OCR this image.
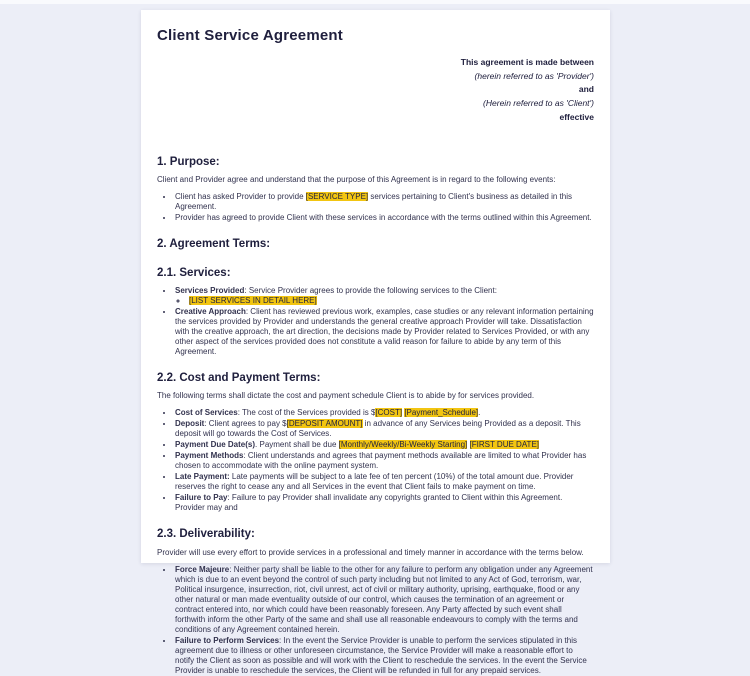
Client Service Agreement
This agreement is made between
(herein referred to as 'Provider')
and
(Herein referred to as 'Client')
effective
1. Purpose:

Client and Provider agree and understand that the purpose of this Agreement is in regard to the following events:

• Client has asked Provider to provide [SERVICE TYPE] services pertaining to Client's business as detailed in this Agreement.
• Provider has agreed to provide Client with these services in accordance with the terms outlined within this Agreement.
2. Agreement Terms:
2.1. Services:
• Services Provided: Service Provider agrees to provide the following services to the Client:
◦ [LIST SERVICES IN DETAIL HERE]
• Creative Approach: Client has reviewed previous work, examples, case studies or any relevant information pertaining the services provided by Provider and understands the general creative approach Provider will take. Dissatisfaction with the creative approach, the art direction, the decisions made by Provider related to Services Provided, or with any other aspect of the services provided does not constitute a valid reason for failure to abide by any term of this Agreement.
2.2. Cost and Payment Terms:

The following terms shall dictate the cost and payment schedule Client is to abide by for services provided.

• Cost of Services: The cost of the Services provided is $[COST] [Payment_Schedule].
• Deposit: Client agrees to pay $[DEPOSIT AMOUNT] in advance of any Services being Provided as a deposit. This deposit will go towards the Cost of Services.
• Payment Due Date(s). Payment shall be due [Monthly/Weekly/Bi-Weekly Starting] [FIRST DUE DATE]
• Payment Methods: Client understands and agrees that payment methods available are limited to what Provider has chosen to accommodate with the online payment system.
• Late Payment: Late payments will be subject to a late fee of ten percent (10%) of the total amount due. Provider reserves the right to cease any and all Services in the event that Client fails to make payment on time.
• Failure to Pay: Failure to pay Provider shall invalidate any copyrights granted to Client within this Agreement. Provider may and
2.3. Deliverability:

Provider will use every effort to provide services in a professional and timely manner in accordance with the terms below.

• Force Majeure: Neither party shall be liable to the other for any failure to perform any obligation under any Agreement which is due to an event beyond the control of such party including but not limited to any Act of God, terrorism, war, Political insurgence, insurrection, riot, civil unrest, act of civil or military authority, uprising, earthquake, flood or any other natural or man made eventuality outside of our control, which causes the termination of an agreement or contract entered into, nor which could have been reasonably foreseen. Any Party affected by such event shall forthwith inform the other Party of the same and shall use all reasonable endeavours to comply with the terms and conditions of any Agreement contained herein.
• Failure to Perform Services: In the event the Service Provider is unable to perform the services stipulated in this agreement due to illness or other unforeseen circumstance, the Service Provider will make a reasonable effort to notify the Client as soon as possible and will work with the Client to reschedule the services. In the event the Service Provider is unable to reschedule the services, the Client will be refunded in full for any prepaid services.
